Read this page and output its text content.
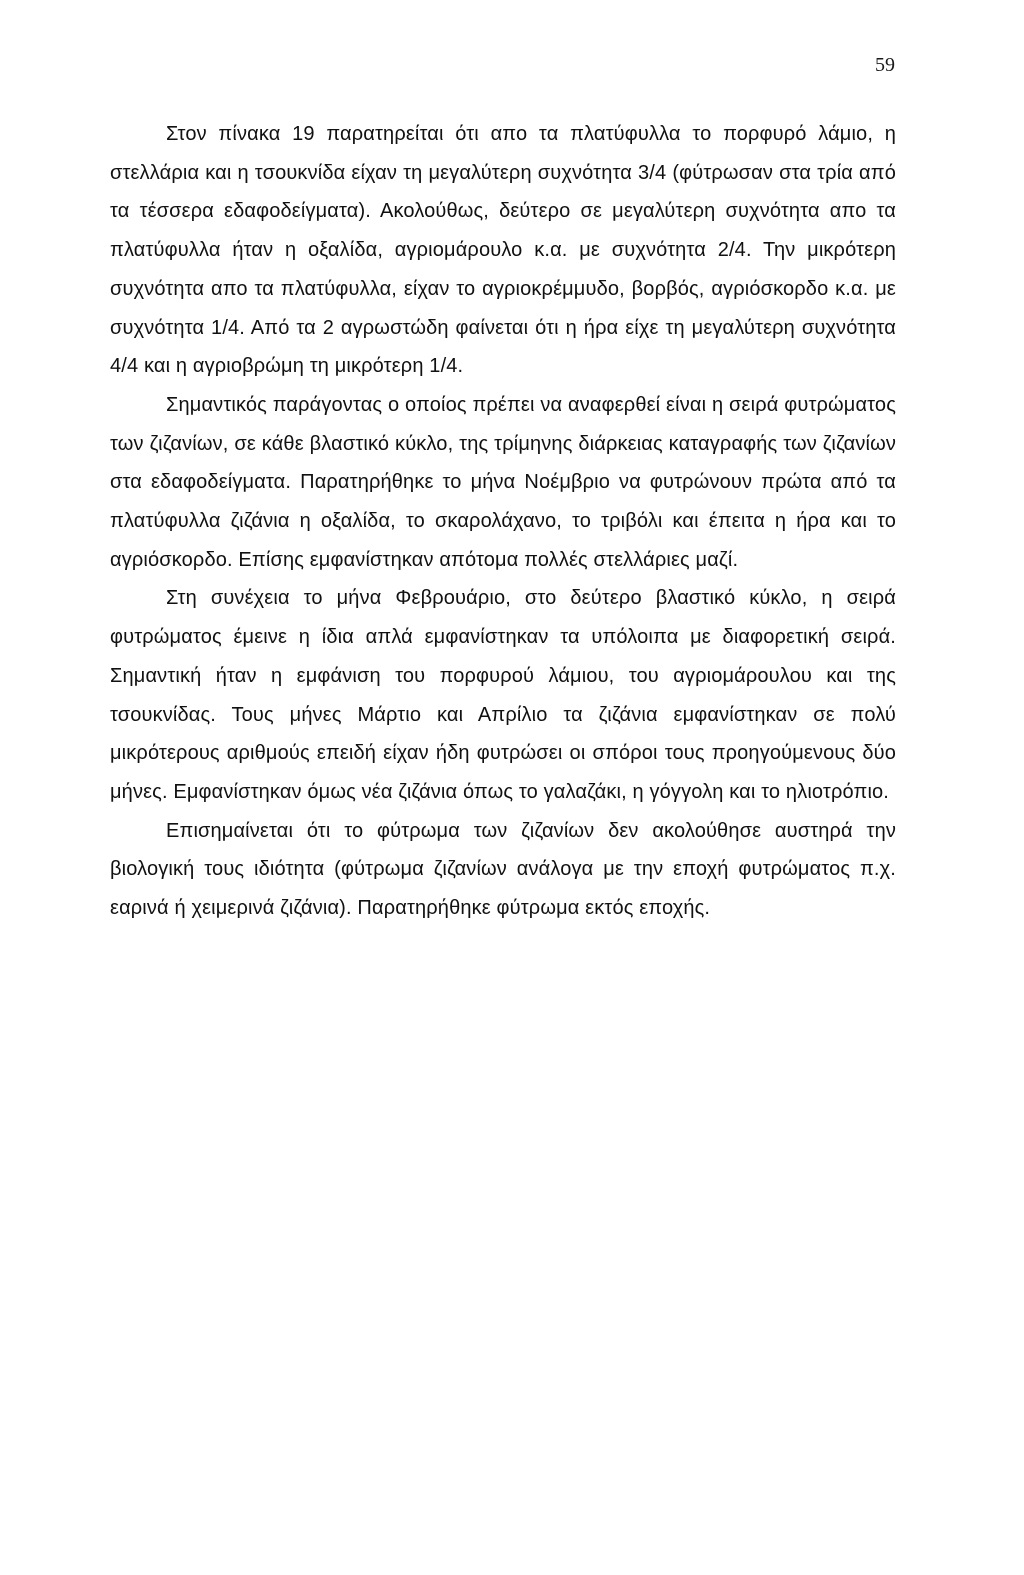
59

Στον πίνακα 19 παρατηρείται ότι απο τα πλατύφυλλα το πορφυρό λάμιο, η στελλάρια και η τσουκνίδα είχαν τη μεγαλύτερη συχνότητα 3/4 (φύτρωσαν στα τρία από τα τέσσερα εδαφοδείγματα). Ακολούθως, δεύτερο σε μεγαλύτερη συχνότητα απο τα πλατύφυλλα ήταν η οξαλίδα, αγριομάρουλο κ.α. με συχνότητα 2/4. Την μικρότερη συχνότητα απο τα πλατύφυλλα, είχαν το αγριοκρέμμυδο, βορβός, αγριόσκορδο κ.α. με συχνότητα 1/4. Από τα 2 αγρωστώδη φαίνεται ότι η ήρα είχε τη μεγαλύτερη συχνότητα 4/4 και η αγριοβρώμη τη μικρότερη 1/4.

Σημαντικός παράγοντας ο οποίος πρέπει να αναφερθεί είναι η σειρά φυτρώματος των ζιζανίων, σε κάθε βλαστικό κύκλο, της τρίμηνης διάρκειας καταγραφής των ζιζανίων στα εδαφοδείγματα. Παρατηρήθηκε το μήνα Νοέμβριο να φυτρώνουν πρώτα από τα πλατύφυλλα ζιζάνια η οξαλίδα, το σκαρολάχανο, το τριβόλι και έπειτα η ήρα και το αγριόσκορδο. Επίσης εμφανίστηκαν απότομα πολλές στελλάριες μαζί.

Στη συνέχεια το μήνα Φεβρουάριο, στο δεύτερο βλαστικό κύκλο, η σειρά φυτρώματος έμεινε η ίδια απλά εμφανίστηκαν τα υπόλοιπα με διαφορετική σειρά. Σημαντική ήταν η εμφάνιση του πορφυρού λάμιου, του αγριομάρουλου και της τσουκνίδας. Τους μήνες Μάρτιο και Απρίλιο τα ζιζάνια εμφανίστηκαν σε πολύ μικρότερους αριθμούς επειδή είχαν ήδη φυτρώσει οι σπόροι τους προηγούμενους δύο μήνες. Εμφανίστηκαν όμως νέα ζιζάνια όπως το γαλαζάκι, η γόγγολη και το ηλιοτρόπιο.

Επισημαίνεται ότι το φύτρωμα των ζιζανίων δεν ακολούθησε αυστηρά την βιολογική τους ιδιότητα (φύτρωμα ζιζανίων ανάλογα με την εποχή φυτρώματος π.χ. εαρινά ή χειμερινά ζιζάνια). Παρατηρήθηκε φύτρωμα εκτός εποχής.
